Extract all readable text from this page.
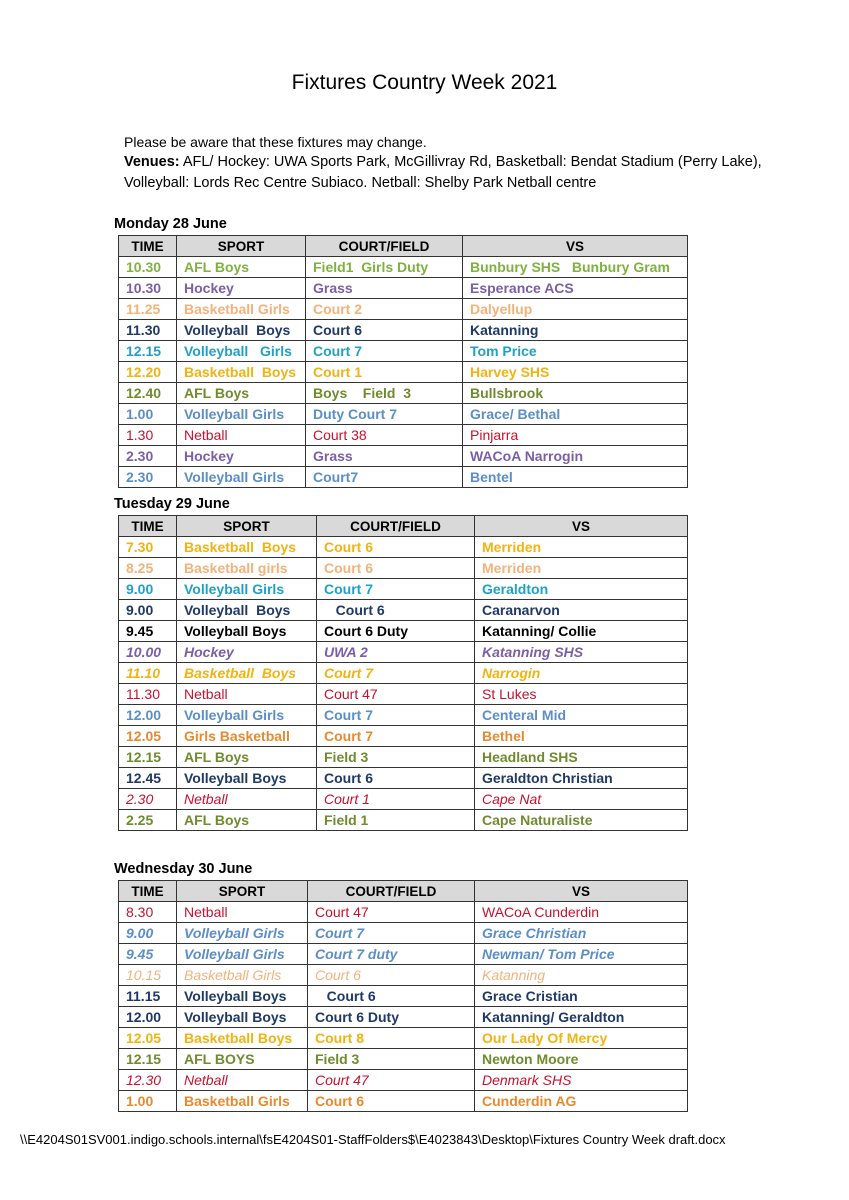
Fixtures Country Week 2021
Please be aware that these fixtures may change.
Venues: AFL/ Hockey: UWA Sports Park, McGillivray Rd, Basketball: Bendat Stadium (Perry Lake),
Volleyball: Lords Rec Centre Subiaco. Netball: Shelby Park Netball centre
Monday 28 June
TIME	SPORT	COURT/FIELD	VS
10.30	AFL Boys	Field1  Girls Duty	Bunbury SHS   Bunbury Gram
10.30	Hockey	Grass	Esperance ACS
11.25	Basketball Girls	Court 2	Dalyellup
11.30	Volleyball  Boys	Court 6	Katanning
12.15	Volleyball   Girls	Court 7	Tom Price
12.20	Basketball  Boys	Court 1	Harvey SHS
12.40	AFL Boys	Boys    Field  3	Bullsbrook
1.00	Volleyball Girls	Duty Court 7	Grace/ Bethal
1.30	Netball	Court 38	Pinjarra
2.30	Hockey	Grass	WACoA Narrogin
2.30	Volleyball Girls	Court7	Bentel
Tuesday 29 June
TIME	SPORT	COURT/FIELD	VS
7.30	Basketball  Boys	Court 6	Merriden
8.25	Basketball girls	Court 6	Merriden
9.00	Volleyball Girls	Court 7	Geraldton
9.00	Volleyball  Boys	Court 6	Caranarvon
9.45	Volleyball Boys	Court 6 Duty	Katanning/ Collie
10.00	Hockey	UWA 2	Katanning SHS
11.10	Basketball  Boys	Court 7	Narrogin
11.30	Netball	Court 47	St Lukes
12.00	Volleyball Girls	Court 7	Centeral Mid
12.05	Girls Basketball	Court 7	Bethel
12.15	AFL Boys	Field 3	Headland SHS
12.45	Volleyball Boys	Court 6	Geraldton Christian
2.30	Netball	Court 1	Cape Nat
2.25	AFL Boys	Field 1	Cape Naturaliste
Wednesday 30 June
TIME	SPORT	COURT/FIELD	VS
8.30	Netball	Court 47	WACoA Cunderdin
9.00	Volleyball Girls	Court 7	Grace Christian
9.45	Volleyball Girls	Court 7 duty	Newman/ Tom Price
10.15	Basketball Girls	Court 6	Katanning
11.15	Volleyball Boys	Court 6	Grace Cristian
12.00	Volleyball Boys	Court 6 Duty	Katanning/ Geraldton
12.05	Basketball Boys	Court 8	Our Lady Of Mercy
12.15	AFL BOYS	Field 3	Newton Moore
12.30	Netball	Court 47	Denmark SHS
1.00	Basketball Girls	Court 6	Cunderdin AG
\\E4204S01SV001.indigo.schools.internal\fsE4204S01-StaffFolders$\E4023843\Desktop\Fixtures Country Week draft.docx
